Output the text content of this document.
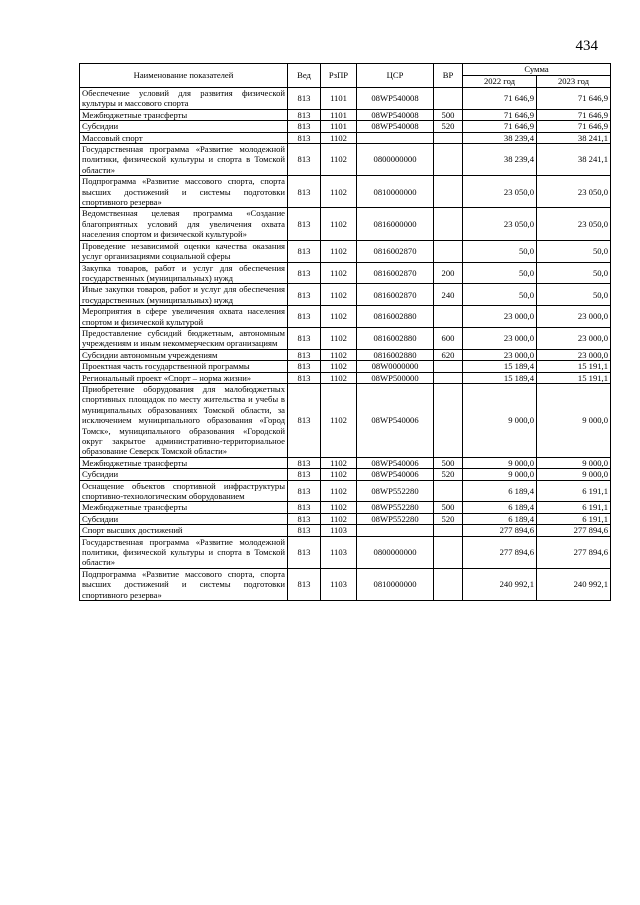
434
Наименование показателей	Вед	РзПР	ЦСР	ВР	Сумма	
					2022 год	2023 год
Обеспечение условий для развития физической культуры и массового спорта	813	1101	08WP540008		71 646,9	71 646,9
Межбюджетные трансферты	813	1101	08WP540008	500	71 646,9	71 646,9
Субсидии	813	1101	08WP540008	520	71 646,9	71 646,9
Массовый спорт	813	1102			38 239,4	38 241,1
Государственная программа «Развитие молодежной политики, физической культуры и спорта в Томской области»	813	1102	0800000000		38 239,4	38 241,1
Подпрограмма «Развитие массового спорта, спорта высших достижений и системы подготовки спортивного резерва»	813	1102	0810000000		23 050,0	23 050,0
Ведомственная целевая программа «Создание благоприятных условий для увеличения охвата населения спортом и физической культурой»	813	1102	0816000000		23 050,0	23 050,0
Проведение независимой оценки качества оказания услуг организациями социальной сферы	813	1102	0816002870		50,0	50,0
Закупка товаров, работ и услуг для обеспечения государственных (муниципальных) нужд	813	1102	0816002870	200	50,0	50,0
Иные закупки товаров, работ и услуг для обеспечения государственных (муниципальных) нужд	813	1102	0816002870	240	50,0	50,0
Мероприятия в сфере увеличения охвата населения спортом и физической культурой	813	1102	0816002880		23 000,0	23 000,0
Предоставление субсидий бюджетным, автономным учреждениям и иным некоммерческим организациям	813	1102	0816002880	600	23 000,0	23 000,0
Субсидии автономным учреждениям	813	1102	0816002880	620	23 000,0	23 000,0
Проектная часть государственной программы	813	1102	08W0000000		15 189,4	15 191,1
Региональный проект «Спорт – норма жизни»	813	1102	08WP500000		15 189,4	15 191,1
Приобретение оборудования для малобюджетных спортивных площадок по месту жительства и учебы в муниципальных образованиях Томской области, за исключением муниципального образования «Город Томск», муниципального образования «Городской округ закрытое административно-территориальное образование Северск Томской области»	813	1102	08WP540006		9 000,0	9 000,0
Межбюджетные трансферты	813	1102	08WP540006	500	9 000,0	9 000,0
Субсидии	813	1102	08WP540006	520	9 000,0	9 000,0
Оснащение объектов спортивной инфраструктуры спортивно-технологическим оборудованием	813	1102	08WP552280		6 189,4	6 191,1
Межбюджетные трансферты	813	1102	08WP552280	500	6 189,4	6 191,1
Субсидии	813	1102	08WP552280	520	6 189,4	6 191,1
Спорт высших достижений	813	1103			277 894,6	277 894,6
Государственная программа «Развитие молодежной политики, физической культуры и спорта в Томской области»	813	1103	0800000000		277 894,6	277 894,6
Подпрограмма «Развитие массового спорта, спорта высших достижений и системы подготовки спортивного резерва»	813	1103	0810000000		240 992,1	240 992,1
